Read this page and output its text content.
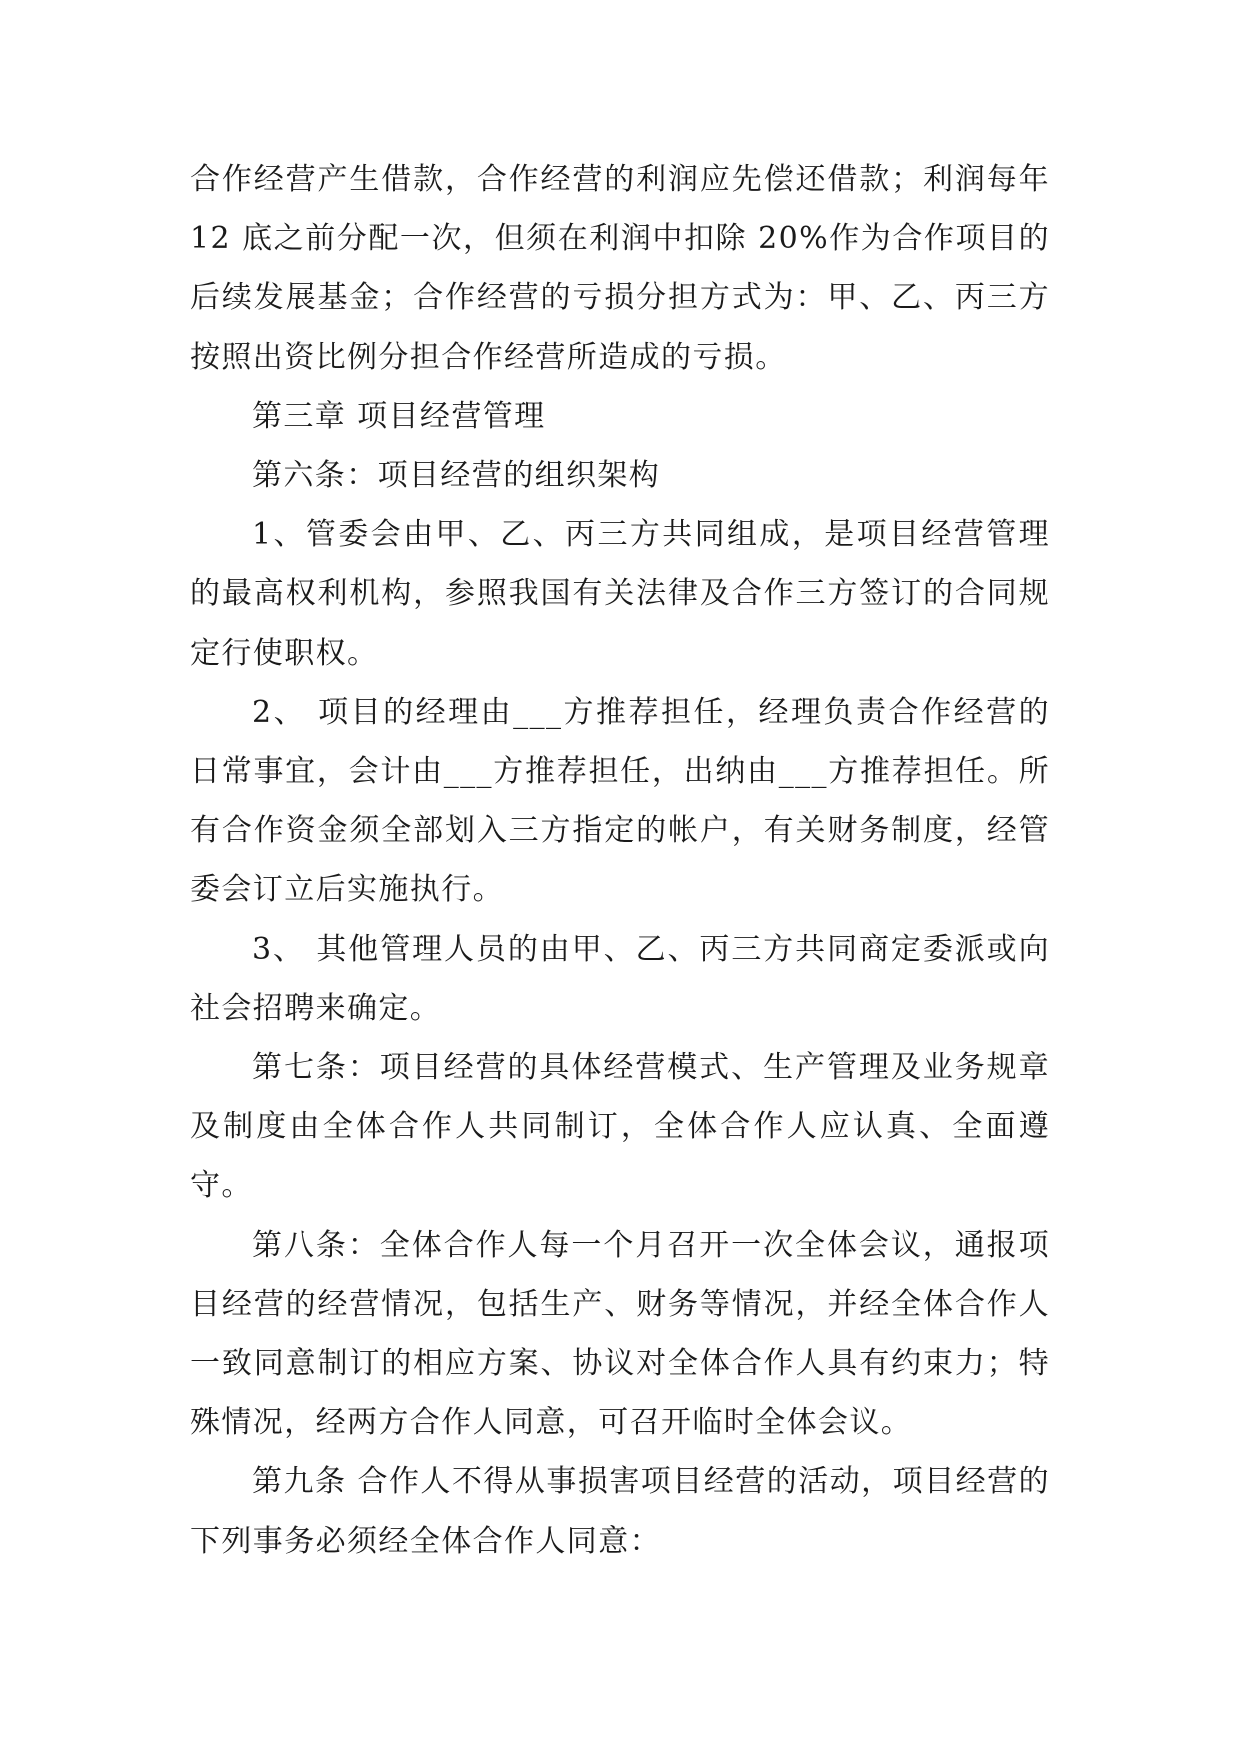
合作经营产生借款，合作经营的利润应先偿还借款；利润每年 12 底之前分配一次，但须在利润中扣除 20%作为合作项目的后续发展基金；合作经营的亏损分担方式为：甲、乙、丙三方按照出资比例分担合作经营所造成的亏损。

第三章 项目经营管理

第六条：项目经营的组织架构

1、管委会由甲、乙、丙三方共同组成，是项目经营管理的最高权利机构，参照我国有关法律及合作三方签订的合同规定行使职权。

2、 项目的经理由___方推荐担任，经理负责合作经营的日常事宜，会计由___方推荐担任，出纳由___方推荐担任。所有合作资金须全部划入三方指定的帐户，有关财务制度，经管委会订立后实施执行。

3、 其他管理人员的由甲、乙、丙三方共同商定委派或向社会招聘来确定。

第七条：项目经营的具体经营模式、生产管理及业务规章及制度由全体合作人共同制订，全体合作人应认真、全面遵守。

第八条：全体合作人每一个月召开一次全体会议，通报项目经营的经营情况，包括生产、财务等情况，并经全体合作人一致同意制订的相应方案、协议对全体合作人具有约束力；特殊情况，经两方合作人同意，可召开临时全体会议。

第九条 合作人不得从事损害项目经营的活动，项目经营的下列事务必须经全体合作人同意：
